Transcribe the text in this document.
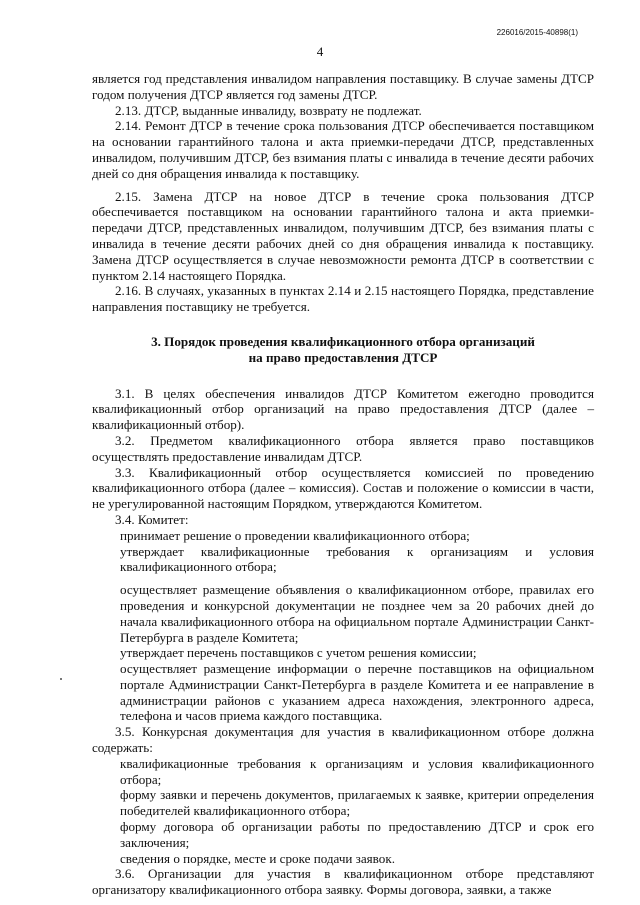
226016/2015-40898(1)
4

является год представления инвалидом направления поставщику. В случае замены ДТСР годом получения ДТСР является год замены ДТСР.

2.13. ДТСР, выданные инвалиду, возврату не подлежат.

2.14. Ремонт ДТСР в течение срока пользования ДТСР обеспечивается поставщиком на основании гарантийного талона и акта приемки-передачи ДТСР, представленных инвалидом, получившим ДТСР, без взимания платы с инвалида в течение десяти рабочих дней со дня обращения инвалида к поставщику.

2.15. Замена ДТСР на новое ДТСР в течение срока пользования ДТСР обеспечивается поставщиком на основании гарантийного талона и акта приемки-передачи ДТСР, представленных инвалидом, получившим ДТСР, без взимания платы с инвалида в течение десяти рабочих дней со дня обращения инвалида к поставщику. Замена ДТСР осуществляется в случае невозможности ремонта ДТСР в соответствии с пунктом 2.14 настоящего Порядка.

2.16. В случаях, указанных в пунктах 2.14 и 2.15 настоящего Порядка, представление направления поставщику не требуется.

3. Порядок проведения квалификационного отбора организаций
на право предоставления ДТСР

3.1. В целях обеспечения инвалидов ДТСР Комитетом ежегодно проводится квалификационный отбор организаций на право предоставления ДТСР (далее – квалификационный отбор).

3.2. Предметом квалификационного отбора является право поставщиков осуществлять предоставление инвалидам ДТСР.

3.3. Квалификационный отбор осуществляется комиссией по проведению квалификационного отбора (далее – комиссия). Состав и положение о комиссии в части, не урегулированной настоящим Порядком, утверждаются Комитетом.

3.4. Комитет:

принимает решение о проведении квалификационного отбора;

утверждает квалификационные требования к организациям и условия квалификационного отбора;

осуществляет размещение объявления о квалификационном отборе, правилах его проведения и конкурсной документации не позднее чем за 20 рабочих дней до начала квалификационного отбора на официальном портале Администрации Санкт-Петербурга в разделе Комитета;

утверждает перечень поставщиков с учетом решения комиссии;

осуществляет размещение информации о перечне поставщиков на официальном портале Администрации Санкт-Петербурга в разделе Комитета и ее направление в администрации районов с указанием адреса нахождения, электронного адреса, телефона и часов приема каждого поставщика.

3.5. Конкурсная документация для участия в квалификационном отборе должна содержать:

квалификационные требования к организациям и условия квалификационного отбора;

форму заявки и перечень документов, прилагаемых к заявке, критерии определения победителей квалификационного отбора;

форму договора об организации работы по предоставлению ДТСР и срок его заключения;

сведения о порядке, месте и сроке подачи заявок.

3.6. Организации для участия в квалификационном отборе представляют организатору квалификационного отбора заявку. Формы договора, заявки, а также
